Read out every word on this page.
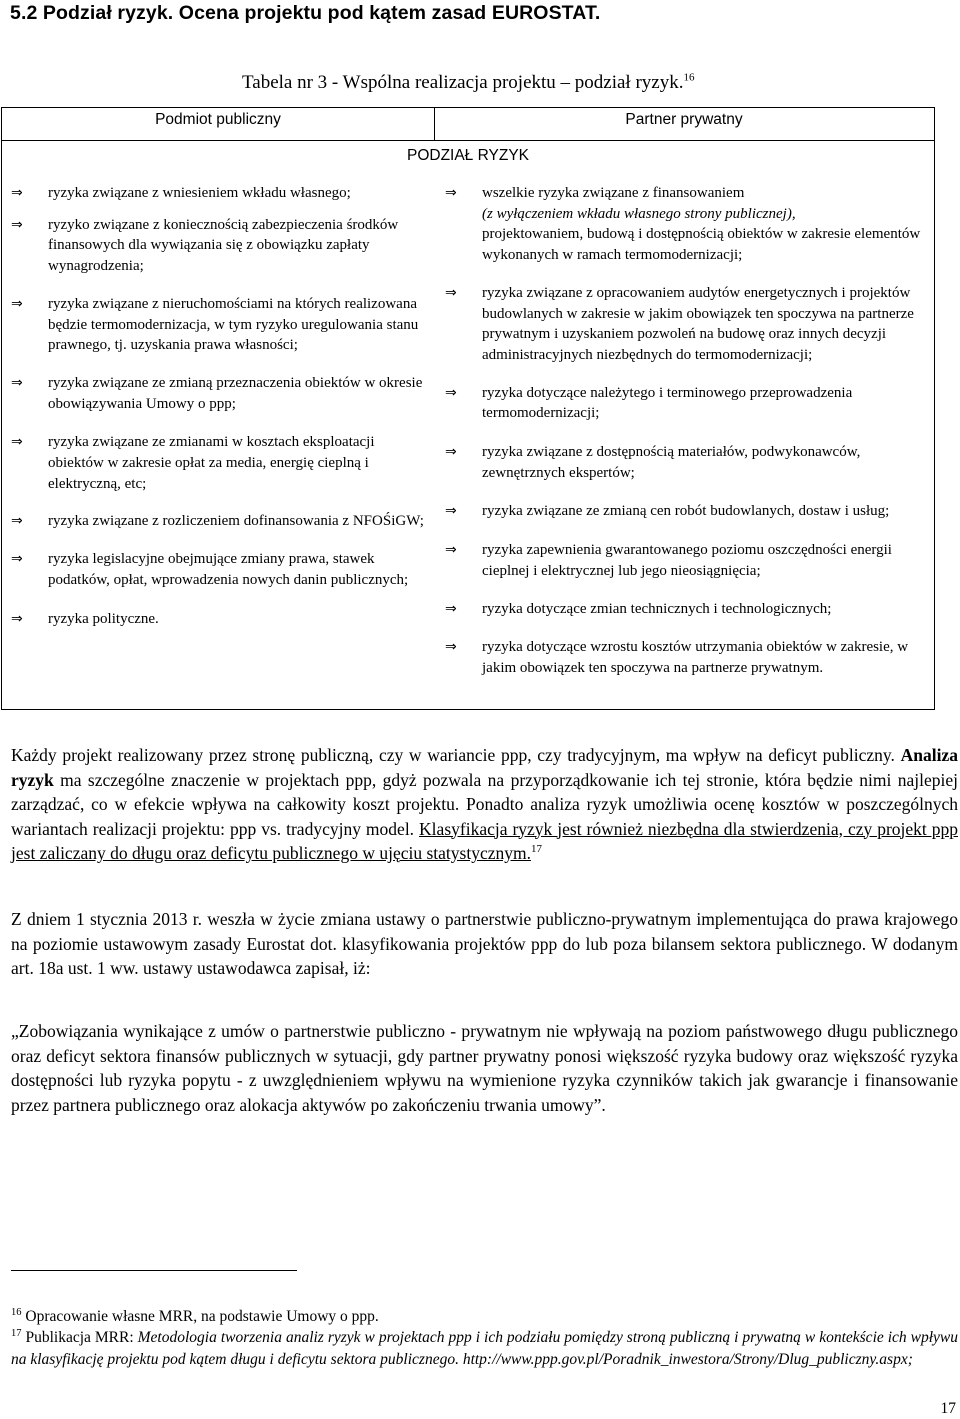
5.2 Podział ryzyk. Ocena projektu pod kątem zasad EUROSTAT.
Tabela nr 3 - Wspólna realizacja projektu – podział ryzyk.$^{16}$
Podmiot publiczny	Partner prywatny
PODZIAŁ RYZYK
⇒ ryzyka związane z wniesieniem wkładu własnego;
⇒ ryzyko związane z koniecznością zabezpieczenia środków finansowych dla wywiązania się z obowiązku zapłaty wynagrodzenia;
⇒ ryzyka związane z nieruchomościami na których realizowana będzie termomodernizacja, w tym ryzyko uregulowania stanu prawnego, tj. uzyskania prawa własności;
⇒ ryzyka związane ze zmianą przeznaczenia obiektów w okresie obowiązywania Umowy o ppp;
⇒ ryzyka związane ze zmianami w kosztach eksploatacji obiektów w zakresie opłat za media, energię cieplną i elektryczną, etc;
⇒ ryzyka związane z rozliczeniem dofinansowania z NFOŚiGW;
⇒ ryzyka legislacyjne obejmujące zmiany prawa, stawek podatków, opłat, wprowadzenia nowych danin publicznych;
⇒ ryzyka polityczne.
⇒ wszelkie ryzyka związane z finansowaniem
(z wyłączeniem wkładu własnego strony publicznej),
projektowaniem, budową i dostępnością obiektów w zakresie elementów wykonanych w ramach termomodernizacji;
⇒ ryzyka związane z opracowaniem audytów energetycznych i projektów budowlanych w zakresie w jakim obowiązek ten spoczywa na partnerze prywatnym i uzyskaniem pozwoleń na budowę oraz innych decyzji administracyjnych niezbędnych do termomodernizacji;
⇒ ryzyka dotyczące należytego i terminowego przeprowadzenia termomodernizacji;
⇒ ryzyka związane z dostępnością materiałów, podwykonawców, zewnętrznych ekspertów;
⇒ ryzyka związane ze zmianą cen robót budowlanych, dostaw i usług;
⇒ ryzyka zapewnienia gwarantowanego poziomu oszczędności energii cieplnej i elektrycznej lub jego nieosiągnięcia;
⇒ ryzyka dotyczące zmian technicznych i technologicznych;
⇒ ryzyka dotyczące wzrostu kosztów utrzymania obiektów w zakresie, w jakim obowiązek ten spoczywa na partnerze prywatnym.
Każdy projekt realizowany przez stronę publiczną, czy w wariancie ppp, czy tradycyjnym, ma wpływ na deficyt publiczny. Analiza ryzyk ma szczególne znaczenie w projektach ppp, gdyż pozwala na przyporządkowanie ich tej stronie, która będzie nimi najlepiej zarządzać, co w efekcie wpływa na całkowity koszt projektu. Ponadto analiza ryzyk umożliwia ocenę kosztów w poszczególnych wariantach realizacji projektu: ppp vs. tradycyjny model. Klasyfikacja ryzyk jest również niezbędna dla stwierdzenia, czy projekt ppp jest zaliczany do długu oraz deficytu publicznego w ujęciu statystycznym.$^{17}$
Z dniem 1 stycznia 2013 r. weszła w życie zmiana ustawy o partnerstwie publiczno-prywatnym implementująca do prawa krajowego na poziomie ustawowym zasady Eurostat dot. klasyfikowania projektów ppp do lub poza bilansem sektora publicznego. W dodanym art. 18a ust. 1 ww. ustawy ustawodawca zapisał, iż:
„Zobowiązania wynikające z umów o partnerstwie publiczno - prywatnym nie wpływają na poziom państwowego długu publicznego oraz deficyt sektora finansów publicznych w sytuacji, gdy partner prywatny ponosi większość ryzyka budowy oraz większość ryzyka dostępności lub ryzyka popytu - z uwzględnieniem wpływu na wymienione ryzyka czynników takich jak gwarancje i finansowanie przez partnera publicznego oraz alokacja aktywów po zakończeniu trwania umowy”.
$^{16}$ Opracowanie własne MRR, na podstawie Umowy o ppp.
$^{17}$ Publikacja MRR: Metodologia tworzenia analiz ryzyk w projektach ppp i ich podziału pomiędzy stroną publiczną i prywatną w kontekście ich wpływu na klasyfikację projektu pod kątem długu i deficytu sektora publicznego. http://www.ppp.gov.pl/Poradnik_inwestora/Strony/Dlug_publiczny.aspx;
17
